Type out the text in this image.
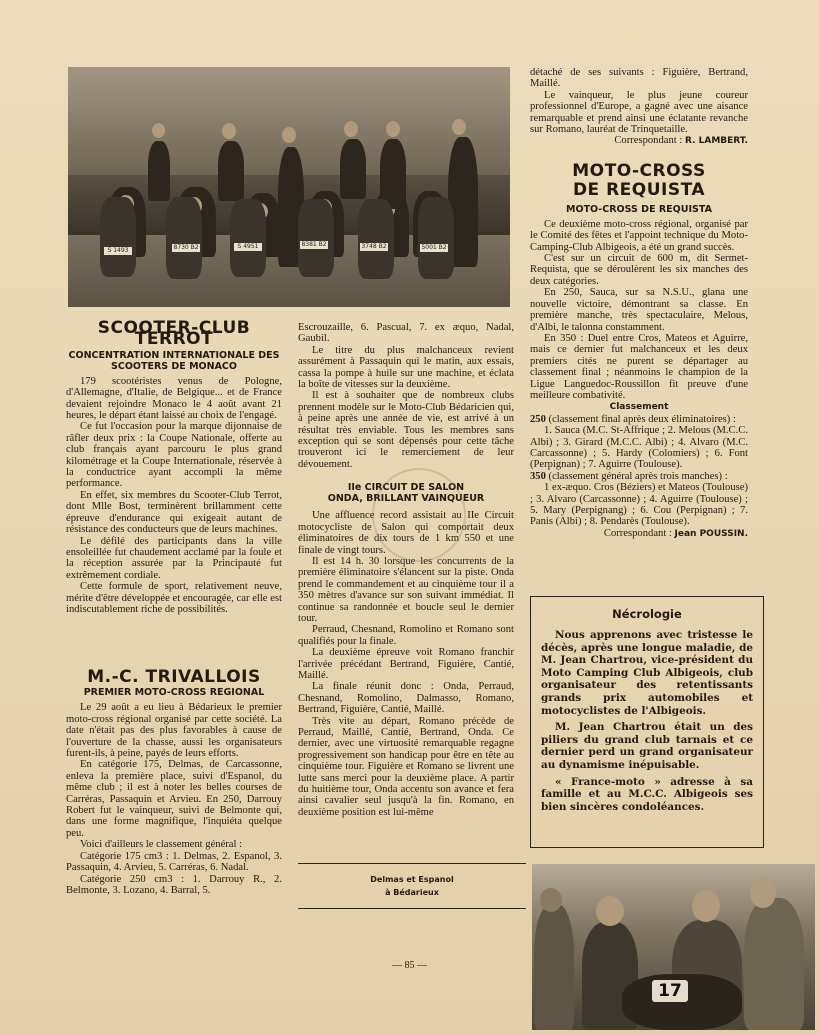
S 1493	8730 B2	S 4951	8381 B2	3748 B2	5001 B2
SCOOTER-CLUB TERROT
CONCENTRATION INTERNATIONALE DES SCOOTERS DE MONACO

179 scootéristes venus de Pologne, d'Allemagne, d'Italie, de Belgique... et de France devaient rejoindre Monaco le 4 août avant 21 heures, le départ étant laissé au choix de l'engagé.

Ce fut l'occasion pour la marque dijonnaise de râfler deux prix : la Coupe Nationale, offerte au club français ayant parcouru le plus grand kilométrage et la Coupe Internationale, réservée à la conductrice ayant accompli la même performance.

En effet, six membres du Scooter-Club Terrot, dont Mlle Bost, terminèrent brillamment cette épreuve d'endurance qui exigeait autant de résistance des conducteurs que de leurs machines.

Le défilé des participants dans la ville ensoleillée fut chaudement acclamé par la foule et la réception assurée par la Principauté fut extrêmement cordiale.

Cette formule de sport, relativement neuve, mérite d'être développée et encouragée, car elle est indiscutablement riche de possibilités.

M.-C. TRIVALLOIS
PREMIER MOTO-CROSS REGIONAL

Le 29 août a eu lieu à Bédarieux le premier moto-cross régional organisé par cette société. La date n'était pas des plus favorables à cause de l'ouverture de la chasse, aussi les organisateurs furent-ils, à peine, payés de leurs efforts.

En catégorie 175, Delmas, de Carcassonne, enleva la première place, suivi d'Espanol, du même club ; il est à noter les belles courses de Carréras, Passaquin et Arvieu. En 250, Darrouy Robert fut le vainqueur, suivi de Belmonte qui, dans une forme magnifique, l'inquiéta quelque peu.

Voici d'ailleurs le classement général :

Catégorie 175 cm3 : 1. Delmas, 2. Espanol, 3. Passaquin, 4. Arvieu, 5. Carréras, 6. Nadal.

Catégorie 250 cm3 : 1. Darrouy R., 2. Belmonte, 3. Lozano, 4. Barral, 5.

Escrouzaille, 6. Pascual, 7. ex æquo, Nadal, Gaubil.

Le titre du plus malchanceux revient assurément à Passaquin qui le matin, aux essais, cassa la pompe à huile sur une machine, et éclata la boîte de vitesses sur la deuxième.

Il est à souhaiter que de nombreux clubs prennent modèle sur le Moto-Club Bédaricien qui, à peine après une année de vie, est arrivé à un résultat très enviable. Tous les membres sans exception qui se sont dépensés pour cette tâche trouveront ici le remerciement de leur dévouement.

IIe CIRCUIT DE SALON
ONDA, BRILLANT VAINQUEUR

Une affluence record assistait au IIe Circuit motocycliste de Salon qui comportait deux éliminatoires de dix tours de 1 km 550 et une finale de vingt tours.

Il est 14 h. 30 lorsque les concurrents de la première éliminatoire s'élancent sur la piste. Onda prend le commandement et au cinquième tour il a 350 mètres d'avance sur son suivant immédiat. Il continue sa randonnée et boucle seul le dernier tour.

Perraud, Chesnand, Romolino et Romano sont qualifiés pour la finale.

La deuxième épreuve voit Romano franchir l'arrivée précédant Bertrand, Figuière, Cantié, Maillé.

La finale réunit donc : Onda, Perraud, Chesnand, Romolino, Dalmasso, Romano, Bertrand, Figuière, Cantié, Maillé.

Très vite au départ, Romano précède de Perraud, Maillé, Cantié, Bertrand, Onda. Ce dernier, avec une virtuosité remarquable regagne progressivement son handicap pour être en tête au cinquième tour. Figuière et Romano se livrent une lutte sans merci pour la deuxième place. A partir du huitième tour, Onda accentu son avance et fera ainsi cavalier seul jusqu'à la fin. Romano, en deuxième position est lui-même

détaché de ses suivants : Figuière, Bertrand, Maillé.

Le vainqueur, le plus jeune coureur professionnel d'Europe, a gagné avec une aisance remarquable et prend ainsi une éclatante revanche sur Romano, lauréat de Trinquetaille.

Correspondant : R. LAMBERT.

MOTO-CROSS
DE REQUISTA
MOTO-CROSS DE REQUISTA

Ce deuxième moto-cross régional, organisé par le Comité des fêtes et l'appoint technique du Moto-Camping-Club Albigeois, a été un grand succès.

C'est sur un circuit de 600 m, dit Sermet-Requista, que se déroulèrent les six manches des deux catégories.

En 250, Sauca, sur sa N.S.U., glana une nouvelle victoire, démontrant sa classe. En première manche, très spectaculaire, Melous, d'Albi, le talonna constamment.

En 350 : Duel entre Cros, Mateos et Aguirre, mais ce dernier fut malchanceux et les deux premiers cités ne purent se départager au classement final ; néanmoins le champion de la Ligue Languedoc-Roussillon fit preuve d'une meilleure combativité.

Classement

250 (classement final après deux éliminatoires) :

1. Sauca (M.C. St-Affrique ; 2. Melous (M.C.C. Albi) ; 3. Girard (M.C.C. Albi) ; 4. Alvaro (M.C. Carcassonne) ; 5. Hardy (Colomiers) ; 6. Font (Perpignan) ; 7. Aguirre (Toulouse).

350 (classement général après trois manches) :

1 ex-æquo. Cros (Béziers) et Mateos (Toulouse) ; 3. Alvaro (Carcassonne) ; 4. Aguirre (Toulouse) ; 5. Mary (Perpignang) ; 6. Cou (Perpignan) ; 7. Panis (Albi) ; 8. Pendarès (Toulouse).

Correspondant : Jean POUSSIN.

Nécrologie

Nous apprenons avec tristesse le décès, après une longue maladie, de M. Jean Chartrou, vice-président du Moto Camping Club Albigeois, club organisateur des retentissants grands prix automobiles et motocyclistes de l'Albigeois.

M. Jean Chartrou était un des piliers du grand club tarnais et ce dernier perd un grand organisateur au dynamisme inépuisable.

« France-moto » adresse à sa famille et au M.C.C. Albigeois ses bien sincères condoléances.

Delmas et Espanol
à Bédarieux
17
— 85 —
